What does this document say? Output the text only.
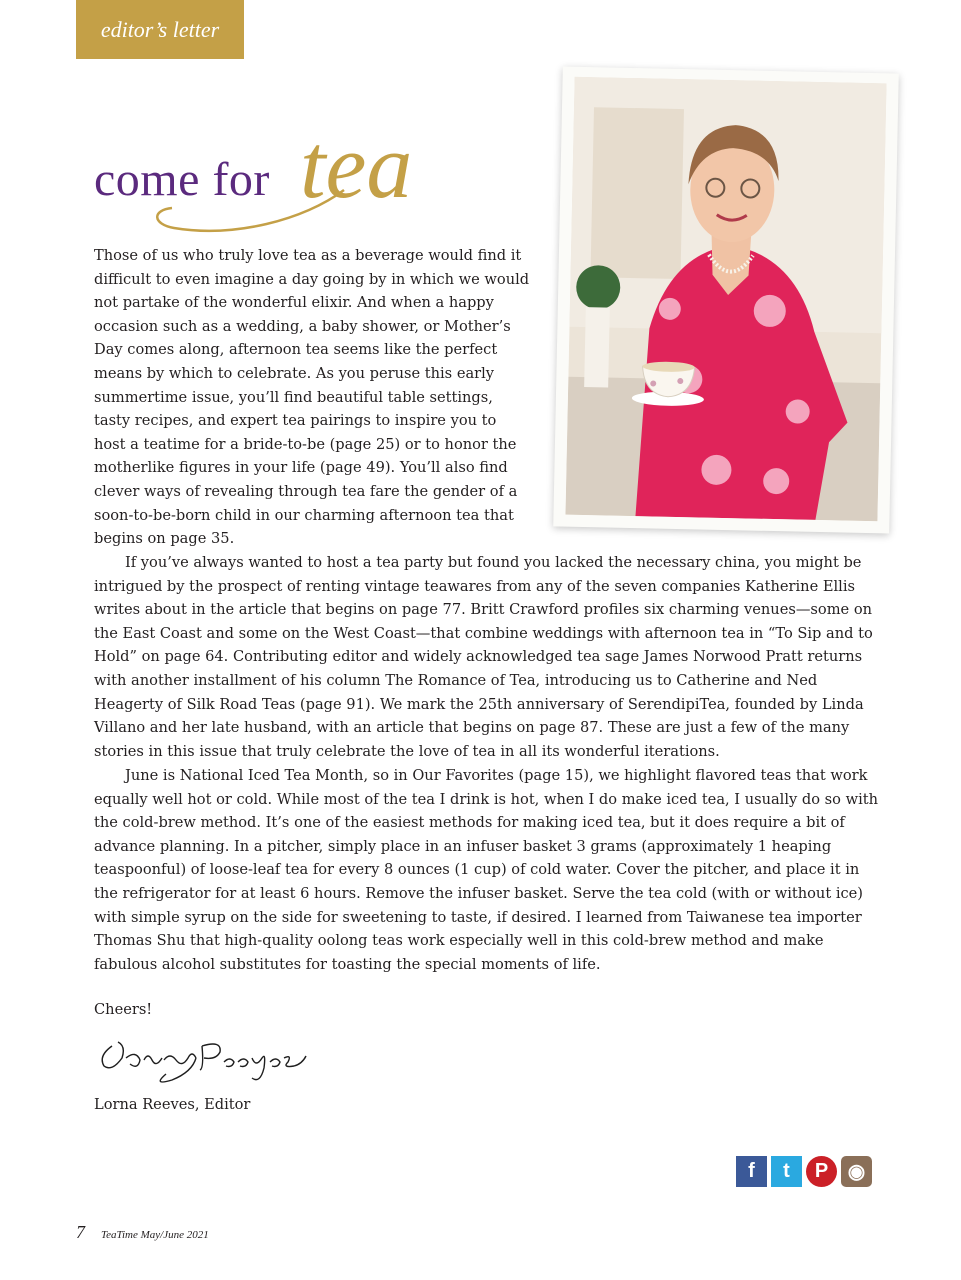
editor’s letter
come for tea

Those of us who truly love tea as a beverage would find it
difficult to even imagine a day going by in which we would
not partake of the wonderful elixir. And when a happy
occasion such as a wedding, a baby shower, or Mother’s
Day comes along, afternoon tea seems like the perfect
means by which to celebrate. As you peruse this early
summertime issue, you’ll find beautiful table settings,
tasty recipes, and expert tea pairings to inspire you to
host a teatime for a bride-to-be (page 25) or to honor the
motherlike figures in your life (page 49). You’ll also find
clever ways of revealing through tea fare the gender of a
soon-to-be-born child in our charming afternoon tea that
begins on page 35.

If you’ve always wanted to host a tea party but found you lacked the necessary china, you might be intrigued by the prospect of renting vintage teawares from any of the seven companies Katherine Ellis writes about in the article that begins on page 77. Britt Crawford profiles six charming venues—some on the East Coast and some on the West Coast—that combine weddings with afternoon tea in “To Sip and to Hold” on page 64. Contributing editor and widely acknowledged tea sage James Norwood Pratt returns with another installment of his column The Romance of Tea, introducing us to Catherine and Ned Heagerty of Silk Road Teas (page 91). We mark the 25th anniversary of SerendipiTea, founded by Linda Villano and her late husband, with an article that begins on page 87. These are just a few of the many stories in this issue that truly celebrate the love of tea in all its wonderful iterations.

June is National Iced Tea Month, so in Our Favorites (page 15), we highlight flavored teas that work equally well hot or cold. While most of the tea I drink is hot, when I do make iced tea, I usually do so with the cold-brew method. It’s one of the easiest methods for making iced tea, but it does require a bit of advance planning. In a pitcher, simply place in an infuser basket 3 grams (approximately 1 heaping teaspoonful) of loose-leaf tea for every 8 ounces (1 cup) of cold water. Cover the pitcher, and place it in the refrigerator for at least 6 hours. Remove the infuser basket. Serve the tea cold (with or without ice) with simple syrup on the side for sweetening to taste, if desired. I learned from Taiwanese tea importer Thomas Shu that high-quality oolong teas work especially well in this cold-brew method and make fabulous alcohol substitutes for toasting the special moments of life.

Cheers!
Lorna Reeves, Editor
f	t	P ◉
7 TeaTime May/June 2021
